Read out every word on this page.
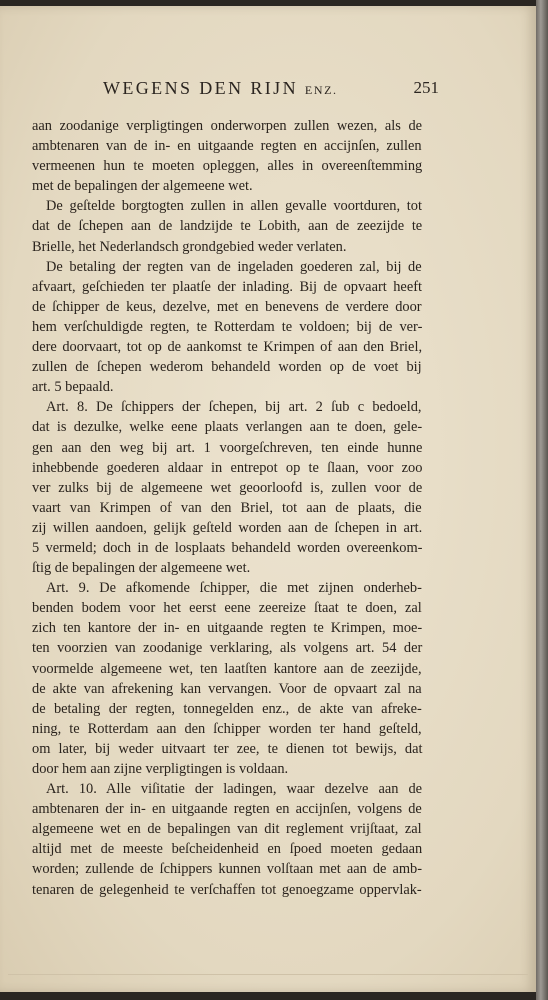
WEGENS DEN RIJN ENZ.	251
aan zoodanige verpligtingen onderworpen zullen wezen, als de
ambtenaren van de in- en uitgaande regten en accijnſen, zullen
vermeenen hun te moeten opleggen, alles in overeenſtemming
met de bepalingen der algemeene wet.
De geſtelde borgtogten zullen in allen gevalle voortduren, tot
dat de ſchepen aan de landzijde te Lobith, aan de zeezijde te
Brielle, het Nederlandsch grondgebied weder verlaten.
De betaling der regten van de ingeladen goederen zal, bij de
afvaart, geſchieden ter plaatſe der inlading. Bij de opvaart heeft
de ſchipper de keus, dezelve, met en benevens de verdere door
hem verſchuldigde regten, te Rotterdam te voldoen; bij de ver-
dere doorvaart, tot op de aankomst te Krimpen of aan den Briel,
zullen de ſchepen wederom behandeld worden op de voet bij
art. 5 bepaald.
Art. 8. De ſchippers der ſchepen, bij art. 2 ſub c bedoeld,
dat is dezulke, welke eene plaats verlangen aan te doen, gele-
gen aan den weg bij art. 1 voorgeſchreven, ten einde hunne
inhebbende goederen aldaar in entrepot op te ſlaan, voor zoo
ver zulks bij de algemeene wet geoorloofd is, zullen voor de
vaart van Krimpen of van den Briel, tot aan de plaats, die
zij willen aandoen, gelijk geſteld worden aan de ſchepen in art.
5 vermeld; doch in de losplaats behandeld worden overeenkom-
ſtig de bepalingen der algemeene wet.
Art. 9. De afkomende ſchipper, die met zijnen onderheb-
benden bodem voor het eerst eene zeereize ſtaat te doen, zal
zich ten kantore der in- en uitgaande regten te Krimpen, moe-
ten voorzien van zoodanige verklaring, als volgens art. 54 der
voormelde algemeene wet, ten laatſten kantore aan de zeezijde,
de akte van afrekening kan vervangen. Voor de opvaart zal na
de betaling der regten, tonnegelden enz., de akte van afreke-
ning, te Rotterdam aan den ſchipper worden ter hand geſteld,
om later, bij weder uitvaart ter zee, te dienen tot bewijs, dat
door hem aan zijne verpligtingen is voldaan.
Art. 10. Alle viſitatie der ladingen, waar dezelve aan de
ambtenaren der in- en uitgaande regten en accijnſen, volgens de
algemeene wet en de bepalingen van dit reglement vrijſtaat, zal
altijd met de meeste beſcheidenheid en ſpoed moeten gedaan
worden; zullende de ſchippers kunnen volſtaan met aan de amb-
tenaren de gelegenheid te verſchaffen tot genoegzame oppervlak-
